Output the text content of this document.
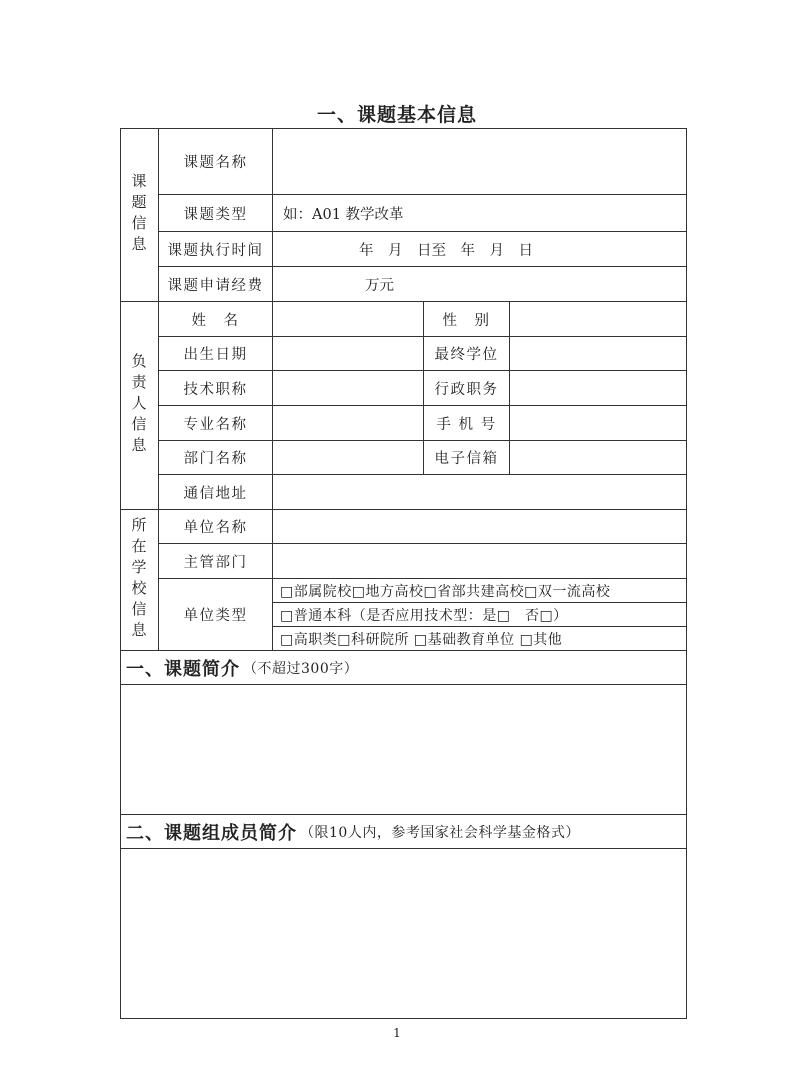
一、课题基本信息
课题信息
课题名称
课题类型	如：A01 教学改革
课题执行时间	年　月　日至　年　月　日
课题申请经费	万元
负责人信息
姓　名	性　别
出生日期	最终学位
技术职称	行政职务
专业名称	手 机 号
部门名称	电子信箱
通信地址
所在学校信息	单位名称
主管部门
单位类型
□部属院校□地方高校□省部共建高校□双一流高校
□普通本科（是否应用技术型：是□　否□）
□高职类□科研院所 □基础教育单位 □其他
一、课题简介 （不超过300字）
二、课题组成员简介 （限10人内，参考国家社会科学基金格式）
1
